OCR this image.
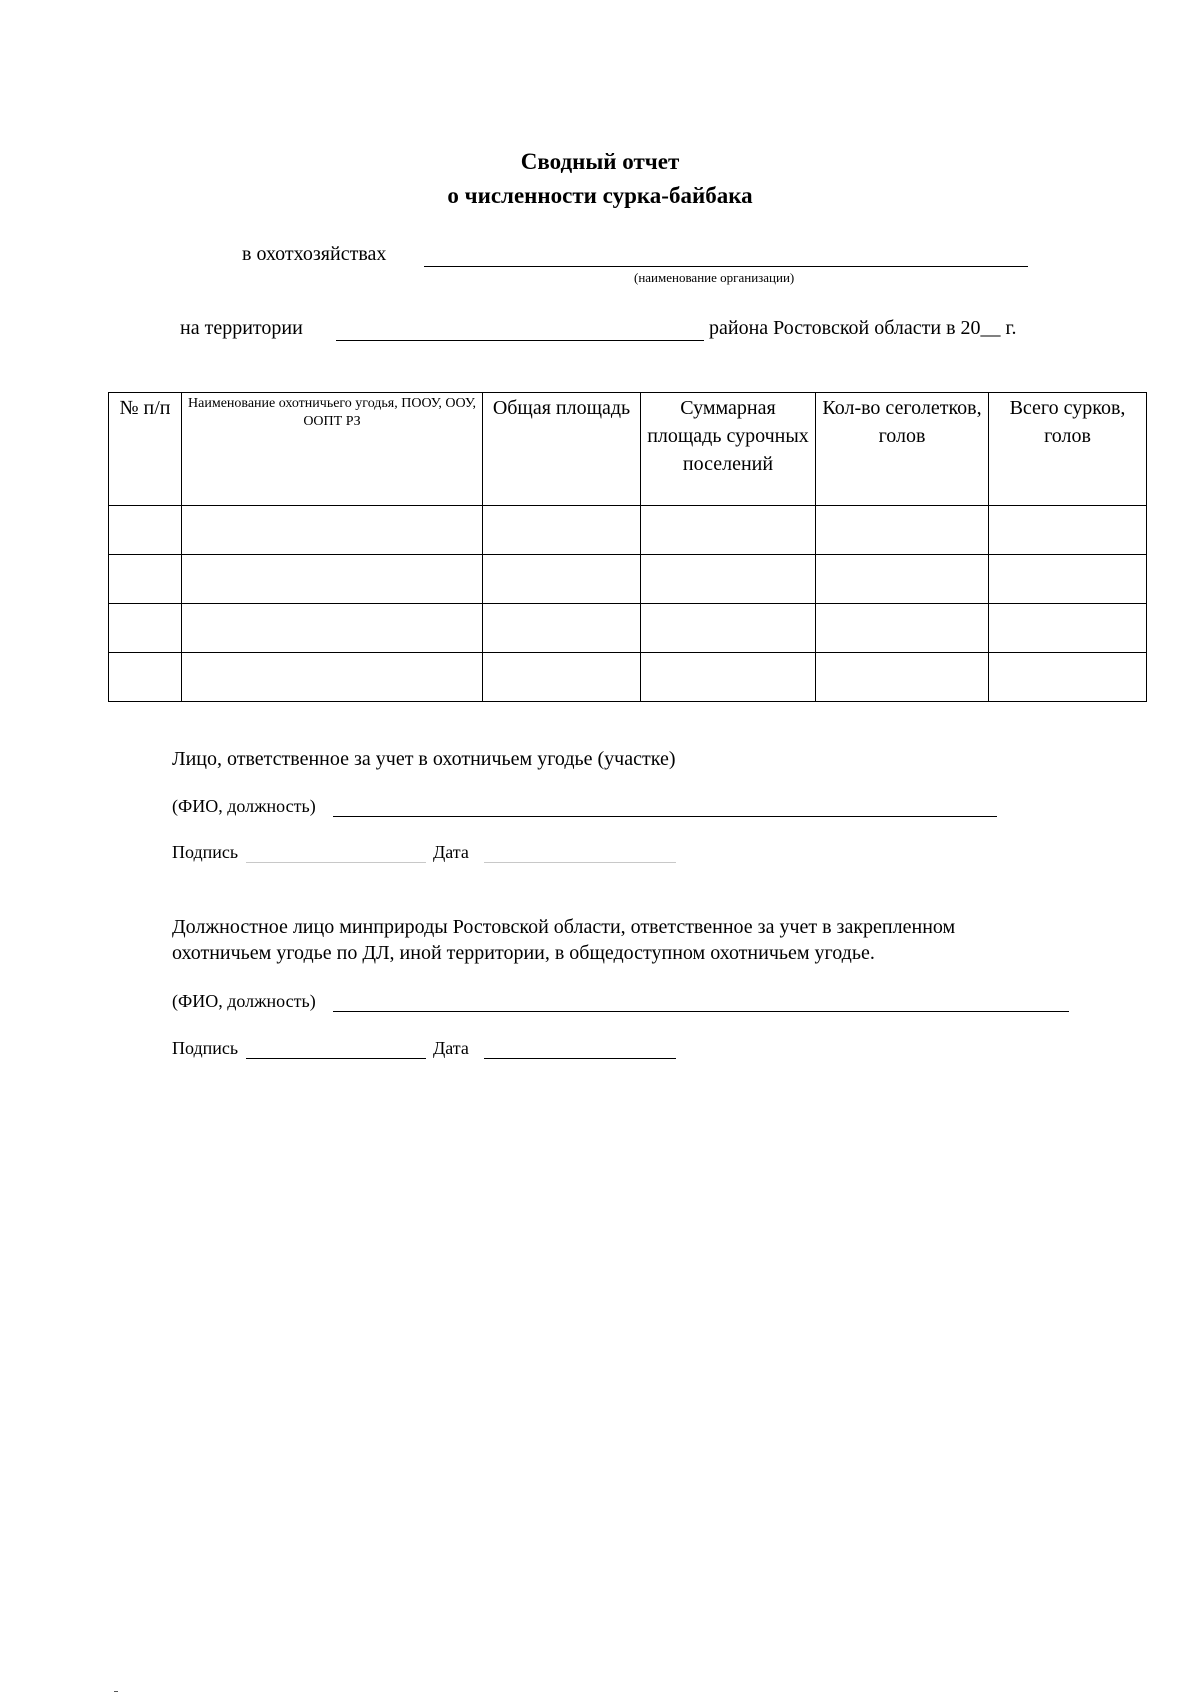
Сводный отчет
о численности сурка-байбака
в охотхозяйствах
(наименование организации)
на территории	района Ростовской области в 20__ г.
№ п/п	Наименование охотничьего угодья, ПООУ, ООУ, ООПТ РЗ	Общая площадь	Суммарная площадь сурочных поселений	Кол-во сеголетков, голов	Всего сурков, голов

Лицо, ответственное за учет в охотничьем угодье (участке)
(ФИО, должность)
Подпись	Дата
Должностное лицо минприроды Ростовской области, ответственное за учет в закрепленном
охотничьем угодье по ДЛ, иной территории, в общедоступном охотничьем угодье.
(ФИО, должность)
Подпись	Дата
